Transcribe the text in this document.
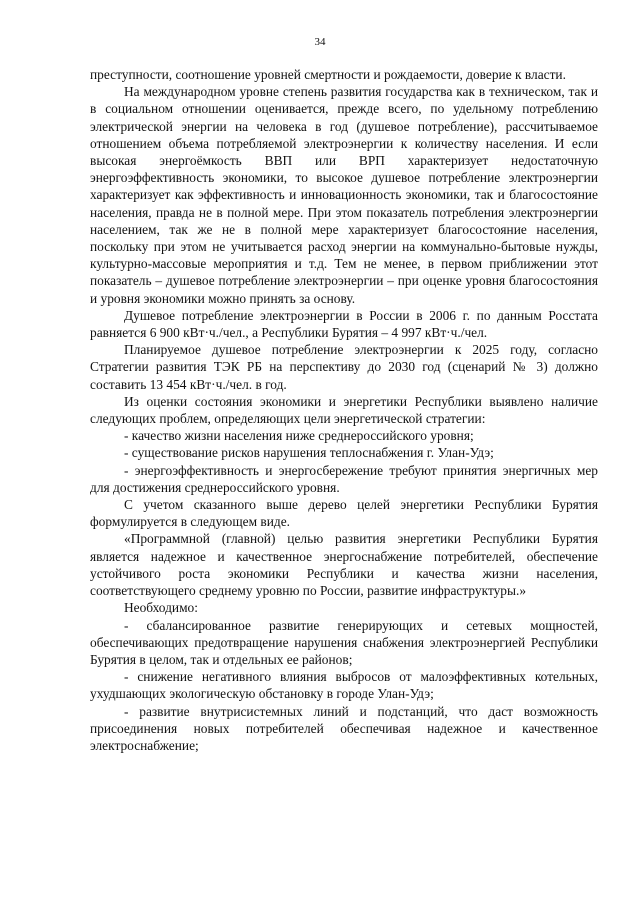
34

преступности, соотношение уровней смертности и рождаемости, доверие к власти.

На международном уровне степень развития государства как в техническом, так и в социальном отношении оценивается, прежде всего, по удельному потреблению электрической энергии на человека в год (душевое потребление), рассчитываемое отношением объема потребляемой электроэнергии к количеству населения. И если высокая энергоёмкость ВВП или ВРП характеризует недостаточную энергоэффективность экономики, то высокое душевое потребление электроэнергии характеризует как эффективность и инновационность экономики, так и благосостояние населения, правда не в полной мере. При этом показатель потребления электроэнергии населением, так же не в полной мере характеризует благосостояние населения, поскольку при этом не учитывается расход энергии на коммунально-бытовые нужды, культурно-массовые мероприятия и т.д. Тем не менее, в первом приближении этот показатель – душевое потребление электроэнергии – при оценке уровня благосостояния и уровня экономики можно принять за основу.

Душевое потребление электроэнергии в России в 2006 г. по данным Росстата равняется 6 900 кВт·ч./чел., а Республики Бурятия – 4 997 кВт·ч./чел.

Планируемое душевое потребление электроэнергии к 2025 году, согласно Стратегии развития ТЭК РБ на перспективу до 2030 год (сценарий № 3) должно составить 13 454 кВт·ч./чел. в год.

Из оценки состояния экономики и энергетики Республики выявлено наличие следующих проблем, определяющих цели энергетической стратегии:

- качество жизни населения ниже среднероссийского уровня;

- существование рисков нарушения теплоснабжения г. Улан-Удэ;

- энергоэффективность и энергосбережение требуют принятия энергичных мер для достижения среднероссийского уровня.

С учетом сказанного выше дерево целей энергетики Республики Бурятия формулируется в следующем виде.

«Программной (главной) целью развития энергетики Республики Бурятия является надежное и качественное энергоснабжение потребителей, обеспечение устойчивого роста экономики Республики и качества жизни населения, соответствующего среднему уровню по России, развитие инфраструктуры.»

Необходимо:

- сбалансированное развитие генерирующих и сетевых мощностей, обеспечивающих предотвращение нарушения снабжения электроэнергией Республики Бурятия в целом, так и отдельных ее районов;

- снижение негативного влияния выбросов от малоэффективных котельных, ухудшающих экологическую обстановку в городе Улан-Удэ;

- развитие внутрисистемных линий и подстанций, что даст возможность присоединения новых потребителей обеспечивая надежное и качественное электроснабжение;
